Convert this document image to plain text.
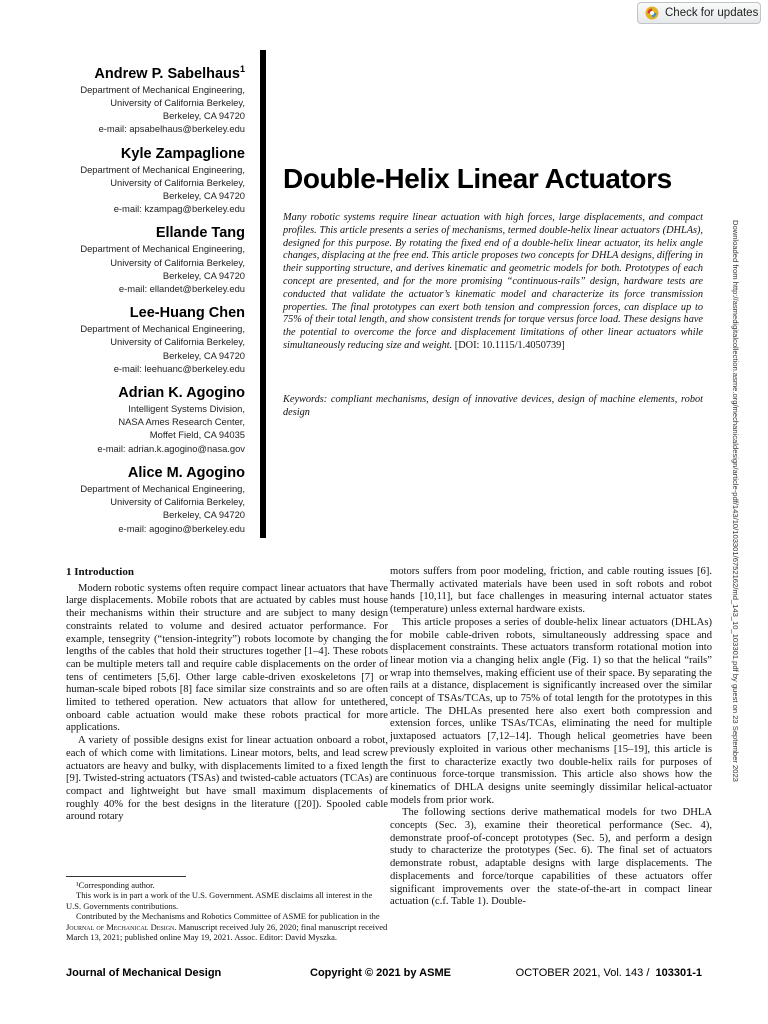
Check for updates
Andrew P. Sabelhaus$^1$
Department of Mechanical Engineering,
University of California Berkeley,
Berkeley, CA 94720
e-mail: apsabelhaus@berkeley.edu
Kyle Zampaglione
Department of Mechanical Engineering,
University of California Berkeley,
Berkeley, CA 94720
e-mail: kzampag@berkeley.edu
Ellande Tang
Department of Mechanical Engineering,
University of California Berkeley,
Berkeley, CA 94720
e-mail: ellandet@berkeley.edu
Lee-Huang Chen
Department of Mechanical Engineering,
University of California Berkeley,
Berkeley, CA 94720
e-mail: leehuanc@berkeley.edu
Adrian K. Agogino
Intelligent Systems Division,
NASA Ames Research Center,
Moffet Field, CA 94035
e-mail: adrian.k.agogino@nasa.gov
Alice M. Agogino
Department of Mechanical Engineering,
University of California Berkeley,
Berkeley, CA 94720
e-mail: agogino@berkeley.edu
Double-Helix Linear Actuators
Many robotic systems require linear actuation with high forces, large displacements, and compact profiles. This article presents a series of mechanisms, termed double-helix linear actuators (DHLAs), designed for this purpose. By rotating the fixed end of a double-helix linear actuator, its helix angle changes, displacing at the free end. This article proposes two concepts for DHLA designs, differing in their supporting structure, and derives kinematic and geometric models for both. Prototypes of each concept are presented, and for the more promising “continuous-rails” design, hardware tests are conducted that validate the actuator’s kinematic model and characterize its force transmission properties. The final prototypes can exert both tension and compression forces, can displace up to 75% of their total length, and show consistent trends for torque versus force load. These designs have the potential to overcome the force and displacement limitations of other linear actuators while simultaneously reducing size and weight. [DOI: 10.1115/1.4050739]
Keywords: compliant mechanisms, design of innovative devices, design of machine elements, robot design	Downloaded from http://asmedigitalcollection.asme.org/mechanicaldesign/article-pdf/143/10/103301/6752162/md_143_10_103301.pdf by guest on 23 September 2023
1 Introduction

Modern robotic systems often require compact linear actuators that have large displacements. Mobile robots that are actuated by cables must house their mechanisms within their structure and are subject to many design constraints related to volume and desired actuator performance. For example, tensegrity (“tension-integrity”) robots locomote by changing the lengths of the cables that hold their structures together [1–4]. These robots can be multiple meters tall and require cable displacements on the order of tens of centimeters [5,6]. Other large cable-driven exoskeletons [7] or human-scale biped robots [8] face similar size constraints and so are often limited to tethered operation. New actuators that allow for untethered, onboard cable actuation would make these robots practical for more applications.

A variety of possible designs exist for linear actuation onboard a robot, each of which come with limitations. Linear motors, belts, and lead screw actuators are heavy and bulky, with displacements limited to a fixed length [9]. Twisted-string actuators (TSAs) and twisted-cable actuators (TCAs) are compact and lightweight but have small maximum displacements of roughly 40% for the best designs in the literature ([20]). Spooled cable around rotary

motors suffers from poor modeling, friction, and cable routing issues [6]. Thermally activated materials have been used in soft robots and robot hands [10,11], but face challenges in measuring internal actuator states (temperature) unless external hardware exists.

This article proposes a series of double-helix linear actuators (DHLAs) for mobile cable-driven robots, simultaneously addressing space and displacement constraints. These actuators transform rotational motion into linear motion via a changing helix angle (Fig. 1) so that the helical “rails” wrap into themselves, making efficient use of their space. By separating the rails at a distance, displacement is significantly increased over the similar concept of TSAs/TCAs, up to 75% of total length for the prototypes in this article. The DHLAs presented here also exert both compression and extension forces, unlike TSAs/TCAs, eliminating the need for multiple juxtaposed actuators [7,12–14]. Though helical geometries have been previously exploited in various other mechanisms [15–19], this article is the first to characterize exactly two double-helix rails for purposes of continuous force-torque transmission. This article also shows how the kinematics of DHLA designs unite seemingly dissimilar helical-actuator models from prior work.

The following sections derive mathematical models for two DHLA concepts (Sec. 3), examine their theoretical performance (Sec. 4), demonstrate proof-of-concept prototypes (Sec. 5), and perform a design study to characterize the prototypes (Sec. 6). The final set of actuators demonstrate robust, adaptable designs with large displacements. The displacements and force/torque capabilities of these actuators offer significant improvements over the state-of-the-art in compact linear actuation (c.f. Table 1). Double-

¹Corresponding author.

This work is in part a work of the U.S. Government. ASME disclaims all interest in the U.S. Governments contributions.

Contributed by the Mechanisms and Robotics Committee of ASME for publication in the Journal of Mechanical Design. Manuscript received July 26, 2020; final manuscript received March 13, 2021; published online May 19, 2021. Assoc. Editor: David Myszka.

Journal of Mechanical Design	Copyright © 2021 by ASME	OCTOBER 2021, Vol. 143 / 103301-1
